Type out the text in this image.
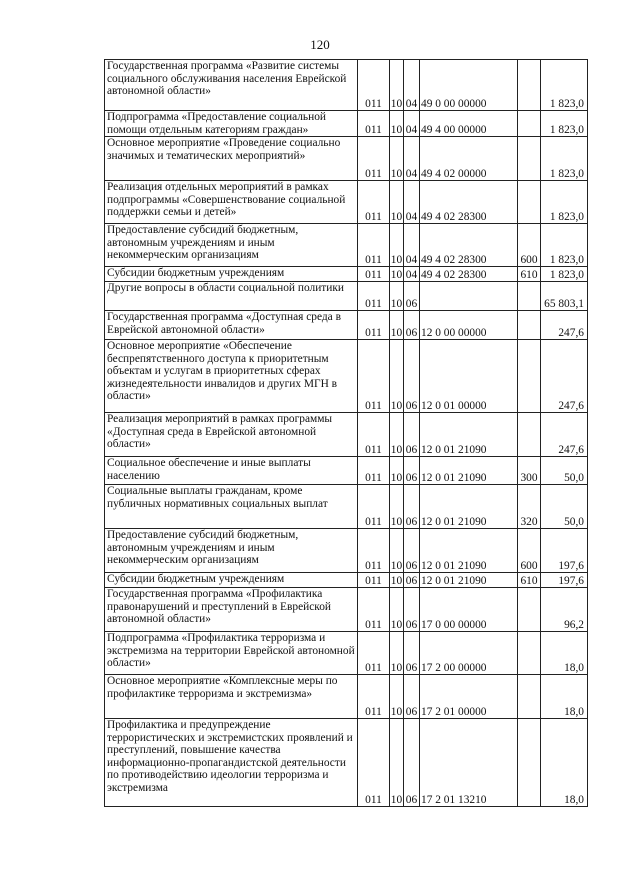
120
Государственная программа «Развитие системы социального обслуживания населения Еврейской автономной области»	011	10	04	49 0 00 00000		1 823,0
Подпрограмма «Предоставление социальной помощи отдельным категориям граждан»	011	10	04	49 4 00 00000		1 823,0
Основное мероприятие «Проведение социально значимых и тематических мероприятий»	011	10	04	49 4 02 00000		1 823,0
Реализация отдельных мероприятий в рамках подпрограммы «Совершенствование социальной поддержки семьи и детей»	011	10	04	49 4 02 28300		1 823,0
Предоставление субсидий бюджетным, автономным учреждениям и иным некоммерческим организациям	011	10	04	49 4 02 28300	600	1 823,0
Субсидии бюджетным учреждениям	011	10	04	49 4 02 28300	610	1 823,0
Другие вопросы в области социальной политики	011	10	06			65 803,1
Государственная программа «Доступная среда в Еврейской автономной области»	011	10	06	12 0 00 00000		247,6
Основное мероприятие «Обеспечение беспрепятственного доступа к приоритетным объектам и услугам в приоритетных сферах жизнедеятельности инвалидов и других МГН в области»	011	10	06	12 0 01 00000		247,6
Реализация мероприятий в рамках программы «Доступная среда в Еврейской автономной области»	011	10	06	12 0 01 21090		247,6
Социальное обеспечение и иные выплаты населению	011	10	06	12 0 01 21090	300	50,0
Социальные выплаты гражданам, кроме публичных нормативных социальных выплат	011	10	06	12 0 01 21090	320	50,0
Предоставление субсидий бюджетным, автономным учреждениям и иным некоммерческим организациям	011	10	06	12 0 01 21090	600	197,6
Субсидии бюджетным учреждениям	011	10	06	12 0 01 21090	610	197,6
Государственная программа «Профилактика правонарушений и преступлений в Еврейской автономной области»	011	10	06	17 0 00 00000		96,2
Подпрограмма «Профилактика терроризма и экстремизма на территории Еврейской автономной области»	011	10	06	17 2 00 00000		18,0
Основное мероприятие «Комплексные меры по профилактике терроризма и экстремизма»	011	10	06	17 2 01 00000		18,0
Профилактика и предупреждение террористических и экстремистских проявлений и преступлений, повышение качества информационно-пропагандистской деятельности по противодействию идеологии терроризма и экстремизма	011	10	06	17 2 01 13210		18,0
